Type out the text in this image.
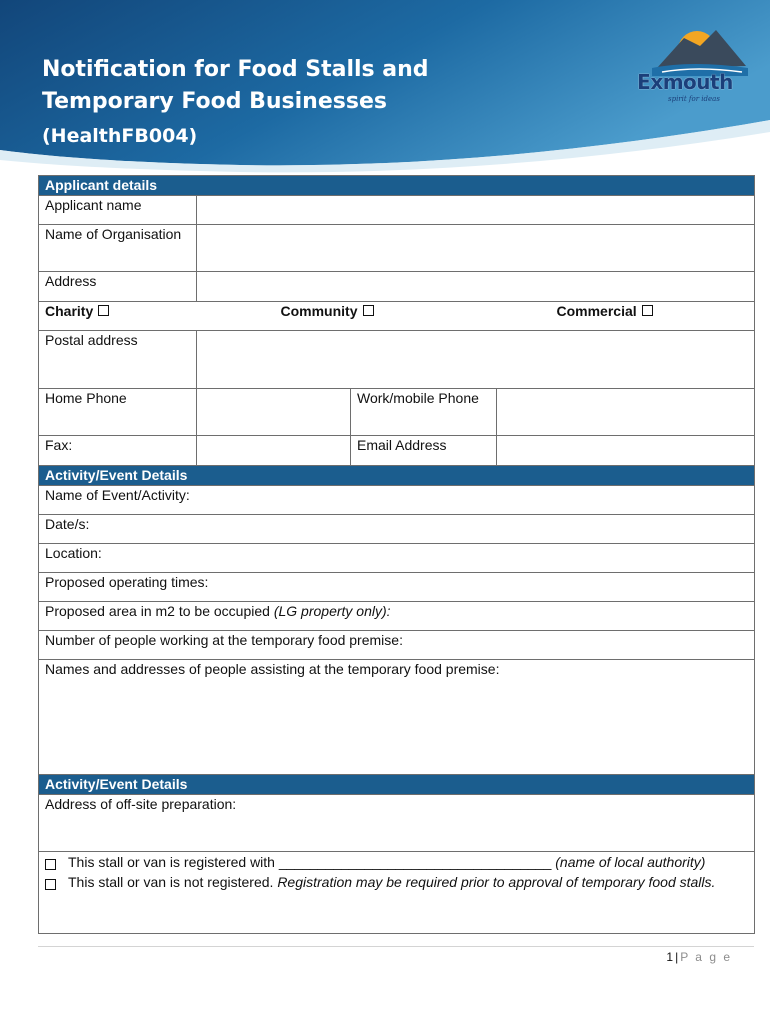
Notification for Food Stalls and
Temporary Food Businesses
(HealthFB004)
Exmouth
spirit for ideas
Applicant details			
Applicant name			
Name of Organisation			
Address			
Charity	Community		Commercial
Postal address			
Home Phone		Work/mobile Phone	
Fax:		Email Address	
Activity/Event Details			
Name of Event/Activity:			
Date/s:			
Location:			
Proposed operating times:			
Proposed area in m2 to be occupied (LG property only):			
Number of people working at the temporary food premise:			
Names and addresses of people assisting at the temporary food premise:			
Activity/Event Details			
Address of off-site preparation:			

This stall or van is registered with ___________________________________ (name of local authority)
This stall or van is not registered. Registration may be required prior to approval of temporary food stalls.			
1 | P a g e
